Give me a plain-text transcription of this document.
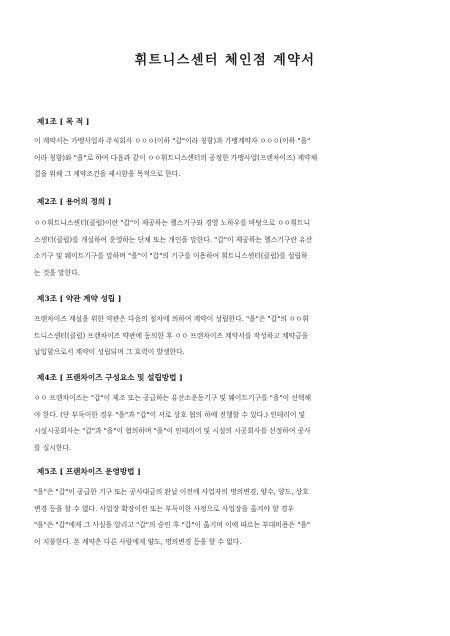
휘트니스센터 체인점 계약서
제1조 [ 목 적 ]
이 계약서는 가맹사업자 주식회사 ㅇㅇㅇ(이하 "갑"이라 칭함)과 가맹계약자 ㅇㅇㅇ(이하 "을"
이라 칭함)와 "을"로 하여 다음과 같이 ㅇㅇ휘트니스센터의 공정한 가맹사업(프랜차이즈) 계약체
결을 위해 그 계약조건을 제시함을 목적으로 한다.
제2조 [ 용어의 정의 ]
ㅇㅇ휘트니스센터(클럽)이란 "갑"이 제공하는 헬스기구와 경영 노하우를 바탕으로 ㅇㅇ휘트니
스센터(클럽)를 개설하여 운영하는 단체 또는 개인을 말한다. "갑"이 제공하는 헬스기구란 유산
소기구 및 웨이트기구를 말하며 "을"이 "갑"의 기구를 이용하여 휘트니스센터(클럽)를 설립하
는 것을 말한다.
제3조 [ 약관 계약 성립 ]
프랜차이즈 계설을 위한 약관은 다음의 절차에 의하여 계약이 성립한다. "을"은 "갑"의 ㅇㅇ휘
트니스센터(클럽) 프랜차이즈 약관에 동의한 후 ㅇㅇ 프랜차이즈 계약서를 작성하고 계약금을
납입함으로서 계약이 성립되며 그 효력이 발생한다.
제4조 [ 프랜차이즈 구성요소 및 설립방법 ]
ㅇㅇ 프랜차이즈는 "갑"이 제조 또는 공급하는 유산소운동기구 및 웨이트기구를 "을"이 선택해
야 한다. (단 부득이한 경우 "을"과 "갑"이 서로 상호 협의 하에 진행할 수 있다.) 인테리어 및
시설시공회사는 "갑"과 "을"이 협의하며 "을"이 인테리어 및 시설의 시공회사를 선정하여 공사
를 실시한다.
제5조 [ 프랜차이즈 운영방법 ]
"을"은 "갑"이 공급한 기구 또는 공사대금의 완납 이전에 사업자의 명의변경, 양수, 양도, 상호
변경 등을 할 수 없다. 사업장 확장이전 또는 부득이한 사정으로 사업장을 옮겨야 할 경우
"을"은 "갑"에게 그 사실을 알리고 "갑"의 승인 후 "갑"이 옮기며 이에 따르는 부대비용은 "을"
이 지불한다. 본 계약은 다른 사람에게 양도, 명의변경 등을 할 수 없다.
